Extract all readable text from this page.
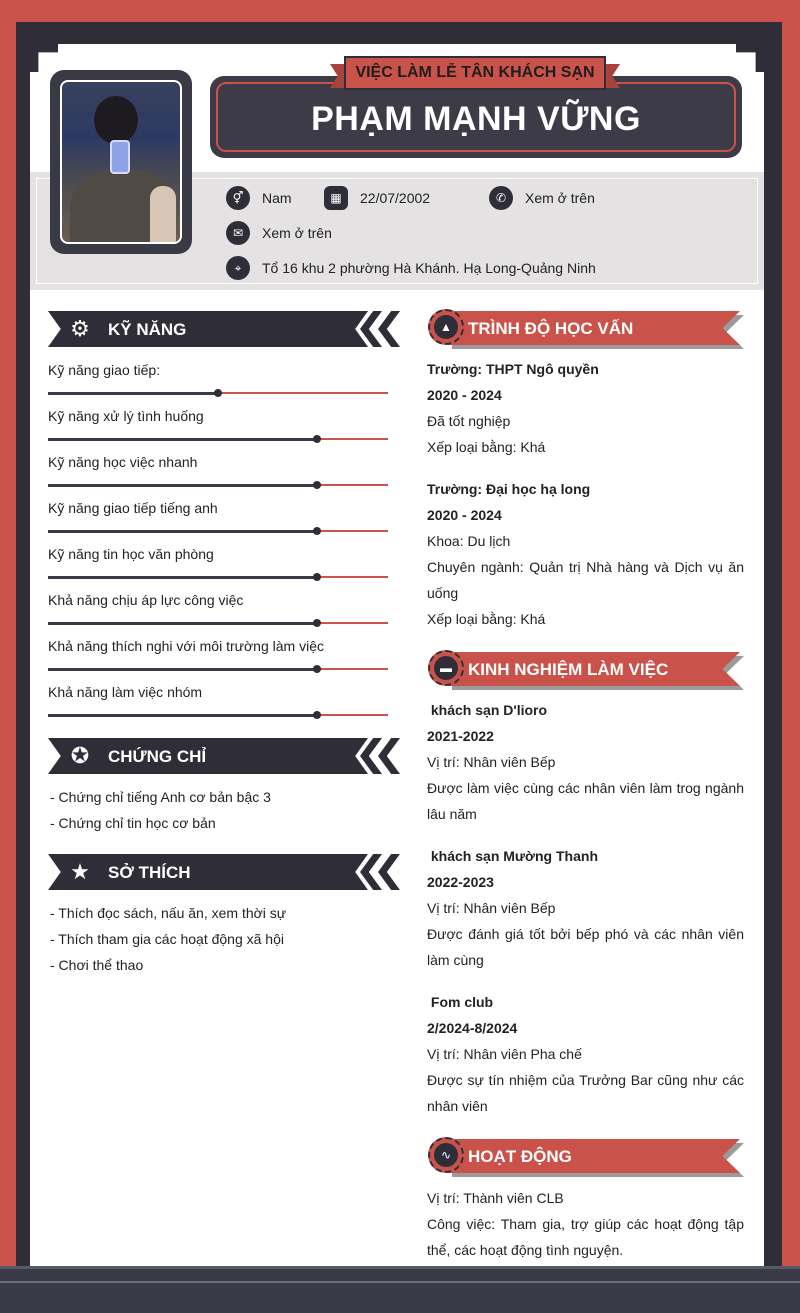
PHẠM MẠNH VỮNG
VIỆC LÀM LỄ TÂN KHÁCH SẠN
⚥	Nam	▦	22/07/2002	✆	Xem ở trên
✉	Xem ở trên
⌖	Tổ 16 khu 2 phường Hà Khánh. Hạ Long-Quảng Ninh
⚙ KỸ NĂNG
Kỹ năng giao tiếp:
Kỹ năng xử lý tình huống
Kỹ năng học việc nhanh
Kỹ năng giao tiếp tiếng anh
Kỹ năng tin học văn phòng
Khả năng chịu áp lực công việc
Khả năng thích nghi với môi trường làm việc
Khả năng làm việc nhóm
✪ CHỨNG CHỈ
- Chứng chỉ tiếng Anh cơ bản bậc 3
- Chứng chỉ tin học cơ bản
★ SỞ THÍCH
- Thích đọc sách, nấu ăn, xem thời sự
- Thích tham gia các hoạt động xã hội
- Chơi thể thao
▲ TRÌNH ĐỘ HỌC VẤN
Trường: THPT Ngô quyền
2020 - 2024
Đã tốt nghiệp
Xếp loại bằng: Khá
Trường: Đại học hạ long
2020 - 2024
Khoa: Du lịch
Chuyên ngành: Quản trị Nhà hàng và Dịch vụ ăn uống
Xếp loại bằng: Khá
▬ KINH NGHIỆM LÀM VIỆC
khách sạn D'lioro
2021-2022
Vị trí: Nhân viên Bếp
Được làm việc cùng các nhân viên làm trog ngành lâu năm
khách sạn Mường Thanh
2022-2023
Vị trí: Nhân viên Bếp
Được đánh giá tốt bởi bếp phó và các nhân viên làm cùng
Fom club
2/2024-8/2024
Vị trí: Nhân viên Pha chế
Được sự tín nhiệm của Trưởng Bar cũng như các nhân viên
∿ HOẠT ĐỘNG
Vị trí: Thành viên CLB
Công việc: Tham gia, trợ giúp các hoạt động tập thể, các hoạt động tình nguyện.
